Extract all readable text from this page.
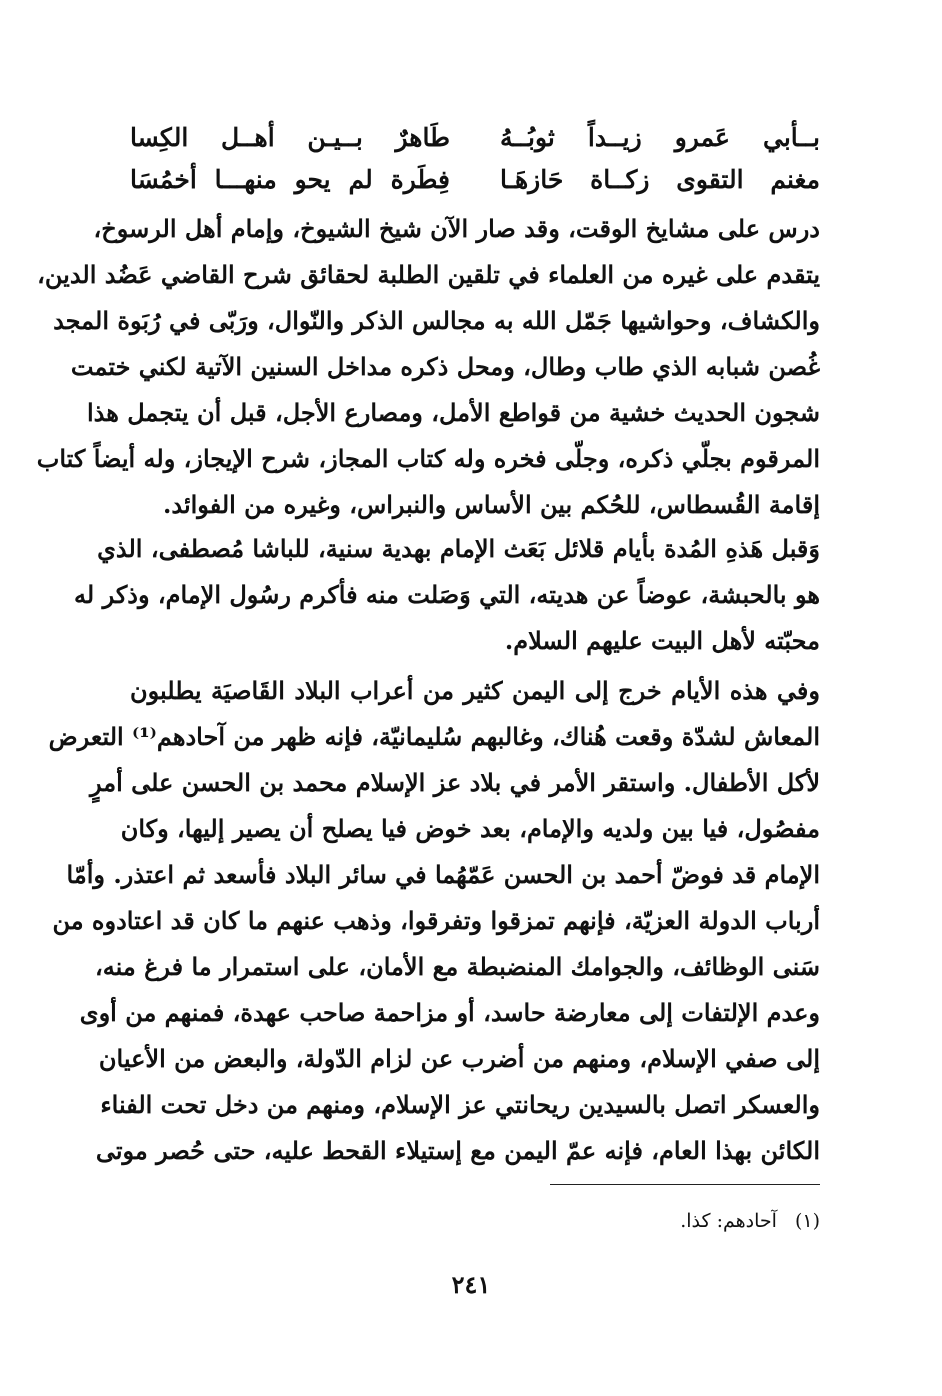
بــأبي عَمرو زيــداً ثوبُــهُ
طَاهرٌ بــيـن أهــل الكِسا
مغنم التقوى زكــاة حَازهَـا
فِطَرة لم يحو منهـــا أخمُسَا
درس على مشايخ الوقت، وقد صار الآن شيخ الشيوخ، وإمام أهل الرسوخ،
يتقدم على غيره من العلماء في تلقين الطلبة لحقائق شرح القاضي عَضُد الدين،
والكشاف، وحواشيها جَمّل الله به مجالس الذكر والنّوال، ورَبّى في رُبَوة المجد
غُصن شبابه الذي طاب وطال، ومحل ذكره مداخل السنين الآتية لكني ختمت
شجون الحديث خشية من قواطع الأمل، ومصارع الأجل، قبل أن يتجمل هذا
المرقوم بجلّي ذكره، وجلّى فخره وله كتاب المجاز، شرح الإيجاز، وله أيضاً كتاب
إقامة القُسطاس، للحُكم بين الأساس والنبراس، وغيره من الفوائد.
وَقبل هَذهِ المُدة بأيام قلائل بَعَث الإمام بهدية سنية، للباشا مُصطفى، الذي
هو بالحبشة، عوضاً عن هديته، التي وَصَلت منه فأكرم رسُول الإمام، وذكر له
محبّته لأهل البيت عليهم السلام.
وفي هذه الأيام خرج إلى اليمن كثير من أعراب البلاد القَاصيَة يطلبون
المعاش لشدّة وقعت هُناك، وغالبهم سُليمانيّة، فإنه ظهر من آحادهم⁽¹⁾ التعرض
لأكل الأطفال. واستقر الأمر في بلاد عز الإسلام محمد بن الحسن على أمرٍ
مفصُول، فيا بين ولديه والإمام، بعد خوض فيا يصلح أن يصير إليها، وكان
الإمام قد فوضّ أحمد بن الحسن عَمّهُما في سائر البلاد فأسعد ثم اعتذر. وأمّا
أرباب الدولة العزيّة، فإنهم تمزقوا وتفرقوا، وذهب عنهم ما كان قد اعتادوه من
سَنى الوظائف، والجوامك المنضبطة مع الأمان، على استمرار ما فرغ منه،
وعدم الإلتفات إلى معارضة حاسد، أو مزاحمة صاحب عهدة، فمنهم من أوى
إلى صفي الإسلام، ومنهم من أضرب عن لزام الدّولة، والبعض من الأعيان
والعسكر اتصل بالسيدين ريحانتي عز الإسلام، ومنهم من دخل تحت الفناء
الكائن بهذا العام، فإنه عمّ اليمن مع إستيلاء القحط عليه، حتى حُصر موتى
(١)
آحادهم: كذا.
٢٤١
